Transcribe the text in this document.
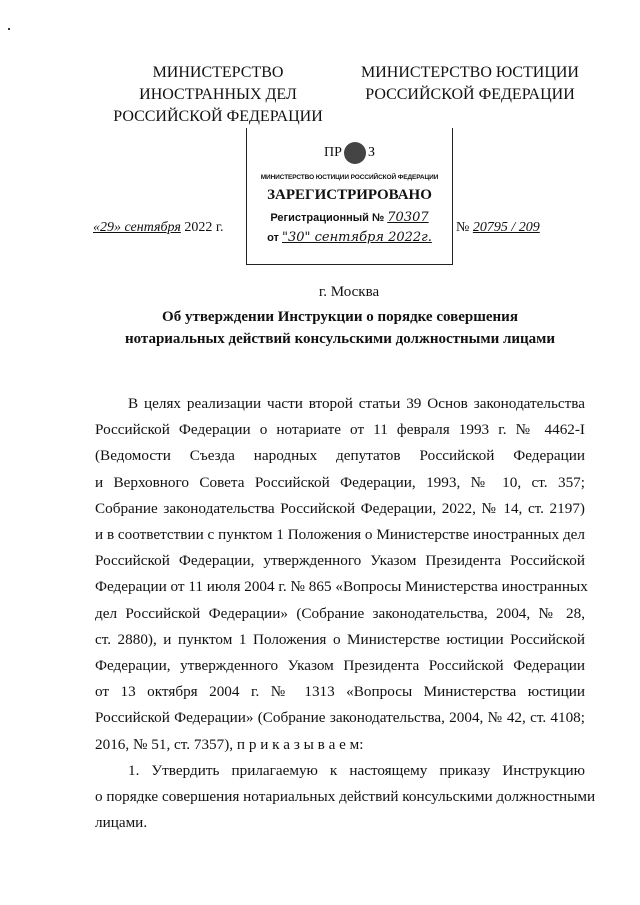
МИНИСТЕРСТВО
ИНОСТРАННЫХ ДЕЛ
РОССИЙСКОЙ ФЕДЕРАЦИИ
МИНИСТЕРСТВО ЮСТИЦИИ
РОССИЙСКОЙ ФЕДЕРАЦИИ
ПР З
МИНИСТЕРСТВО ЮСТИЦИИ РОССИЙСКОЙ ФЕДЕРАЦИИ
ЗАРЕГИСТРИРОВАНО
Регистрационный № 70307
от "30" сентября 2022г.
«29» сентября 2022 г.	№ 20795 / 209
г. Москва
Об утверждении Инструкции о порядке совершения
нотариальных действий консульскими должностными лицами
В целях реализации части второй статьи 39 Основ законодательства
Российской Федерации о нотариате от 11 февраля 1993 г. № 4462-I
(Ведомости Съезда народных депутатов Российской Федерации
и Верховного Совета Российской Федерации, 1993, № 10, ст. 357;
Собрание законодательства Российской Федерации, 2022, № 14, ст. 2197)
и в соответствии с пунктом 1 Положения о Министерстве иностранных дел
Российской Федерации, утвержденного Указом Президента Российской
Федерации от 11 июля 2004 г. № 865 «Вопросы Министерства иностранных
дел Российской Федерации» (Собрание законодательства, 2004, № 28,
ст. 2880), и пунктом 1 Положения о Министерстве юстиции Российской
Федерации, утвержденного Указом Президента Российской Федерации
от 13 октября 2004 г. № 1313 «Вопросы Министерства юстиции
Российской Федерации» (Собрание законодательства, 2004, № 42, ст. 4108;
2016, № 51, ст. 7357), п р и к а з ы в а е м:
1. Утвердить прилагаемую к настоящему приказу Инструкцию
о порядке совершения нотариальных действий консульскими должностными
лицами.
